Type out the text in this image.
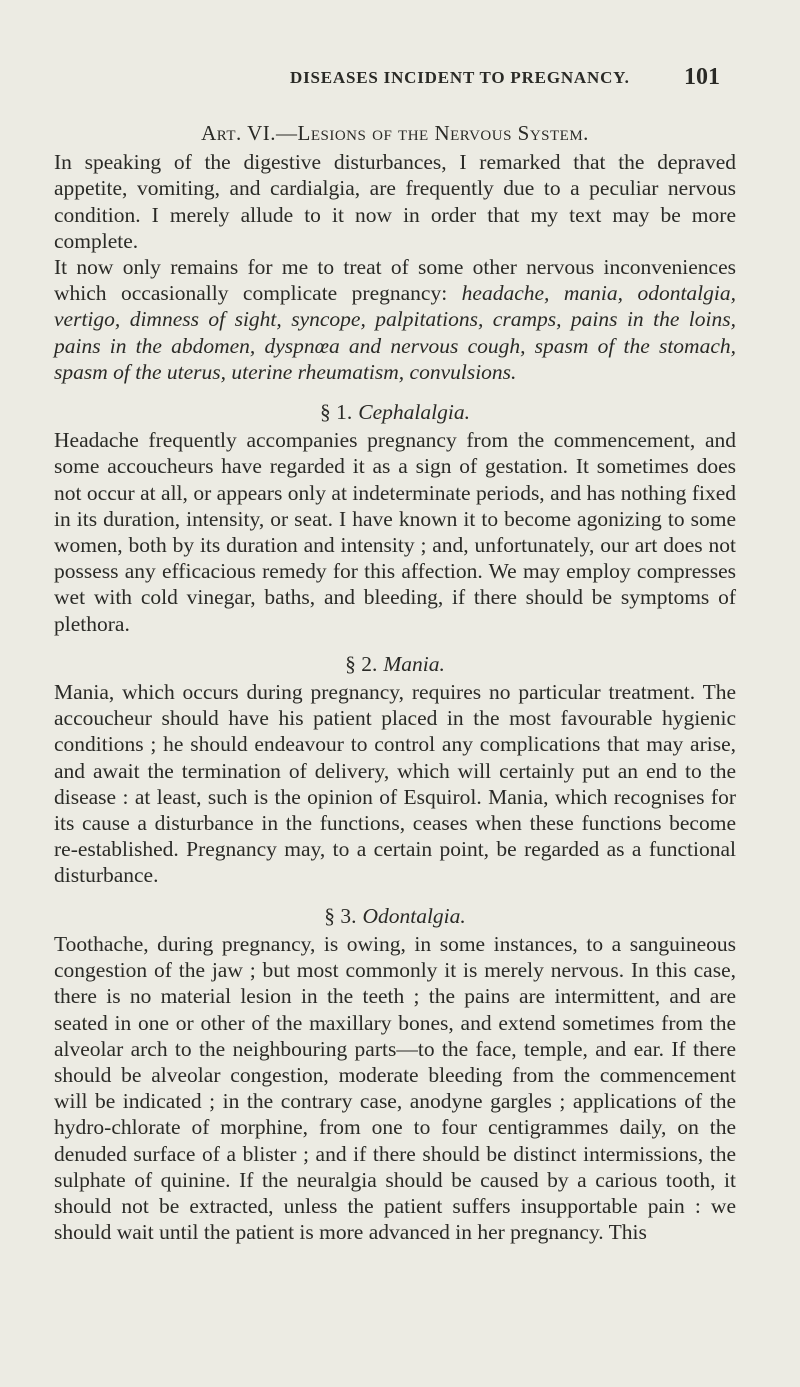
DISEASES INCIDENT TO PREGNANCY. 101
Art. VI.—Lesions of the Nervous System.

In speaking of the digestive disturbances, I remarked that the depraved appetite, vomiting, and cardialgia, are frequently due to a peculiar nervous condition. I merely allude to it now in order that my text may be more complete.

It now only remains for me to treat of some other nervous inconveniences which occasionally complicate pregnancy: headache, mania, odontalgia, vertigo, dimness of sight, syncope, palpitations, cramps, pains in the loins, pains in the abdomen, dyspnœa and nervous cough, spasm of the stomach, spasm of the uterus, uterine rheumatism, convulsions.

§ 1. Cephalalgia.

Headache frequently accompanies pregnancy from the commencement, and some accoucheurs have regarded it as a sign of gestation. It sometimes does not occur at all, or appears only at indeterminate periods, and has nothing fixed in its duration, intensity, or seat. I have known it to become agonizing to some women, both by its duration and intensity ; and, unfortunately, our art does not possess any efficacious remedy for this affection. We may employ compresses wet with cold vinegar, baths, and bleeding, if there should be symptoms of plethora.

§ 2. Mania.

Mania, which occurs during pregnancy, requires no particular treatment. The accoucheur should have his patient placed in the most favourable hygienic conditions ; he should endeavour to control any complications that may arise, and await the termination of delivery, which will certainly put an end to the disease : at least, such is the opinion of Esquirol. Mania, which recognises for its cause a disturbance in the functions, ceases when these functions become re-established. Pregnancy may, to a certain point, be regarded as a functional disturbance.

§ 3. Odontalgia.

Toothache, during pregnancy, is owing, in some instances, to a sanguineous congestion of the jaw ; but most commonly it is merely nervous. In this case, there is no material lesion in the teeth ; the pains are intermittent, and are seated in one or other of the maxillary bones, and extend sometimes from the alveolar arch to the neighbouring parts—to the face, temple, and ear. If there should be alveolar congestion, moderate bleeding from the commencement will be indicated ; in the contrary case, anodyne gargles ; applications of the hydro-chlorate of morphine, from one to four centigrammes daily, on the denuded surface of a blister ; and if there should be distinct intermissions, the sulphate of quinine. If the neuralgia should be caused by a carious tooth, it should not be extracted, unless the patient suffers insupportable pain : we should wait until the patient is more advanced in her pregnancy. This
